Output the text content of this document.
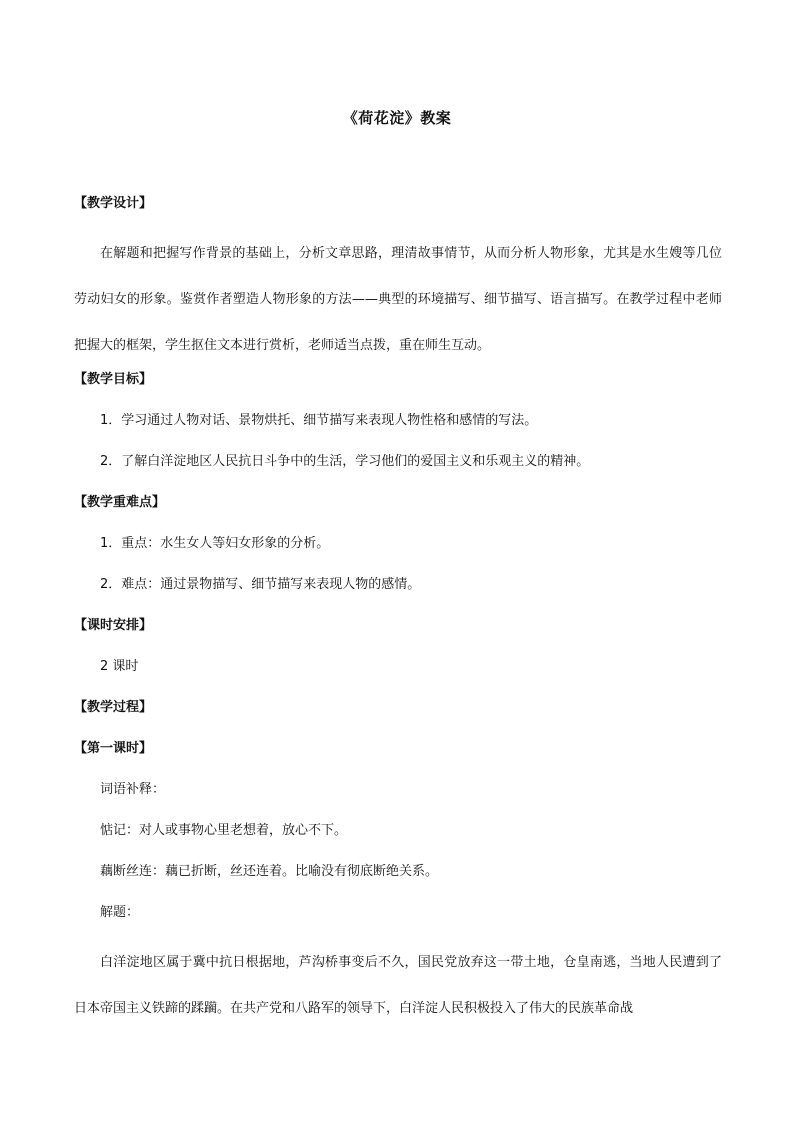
《荷花淀》教案
【教学设计】
在解题和把握写作背景的基础上，分析文章思路，理清故事情节，从而分析人物形象，尤其是水生嫂等几位劳动妇女的形象。鉴赏作者塑造人物形象的方法——典型的环境描写、细节描写、语言描写。在教学过程中老师把握大的框架，学生抠住文本进行赏析，老师适当点拨，重在师生互动。
【教学目标】
1．学习通过人物对话、景物烘托、细节描写来表现人物性格和感情的写法。
2．了解白洋淀地区人民抗日斗争中的生活，学习他们的爱国主义和乐观主义的精神。
【教学重难点】
1．重点：水生女人等妇女形象的分析。
2．难点：通过景物描写、细节描写来表现人物的感情。
【课时安排】
2 课时
【教学过程】
【第一课时】
词语补释：
惦记：对人或事物心里老想着，放心不下。
藕断丝连：藕已折断，丝还连着。比喻没有彻底断绝关系。
解题：
白洋淀地区属于冀中抗日根据地，芦沟桥事变后不久，国民党放弃这一带土地，仓皇南逃，当地人民遭到了日本帝国主义铁蹄的蹂躏。在共产党和八路军的领导下，白洋淀人民积极投入了伟大的民族革命战
